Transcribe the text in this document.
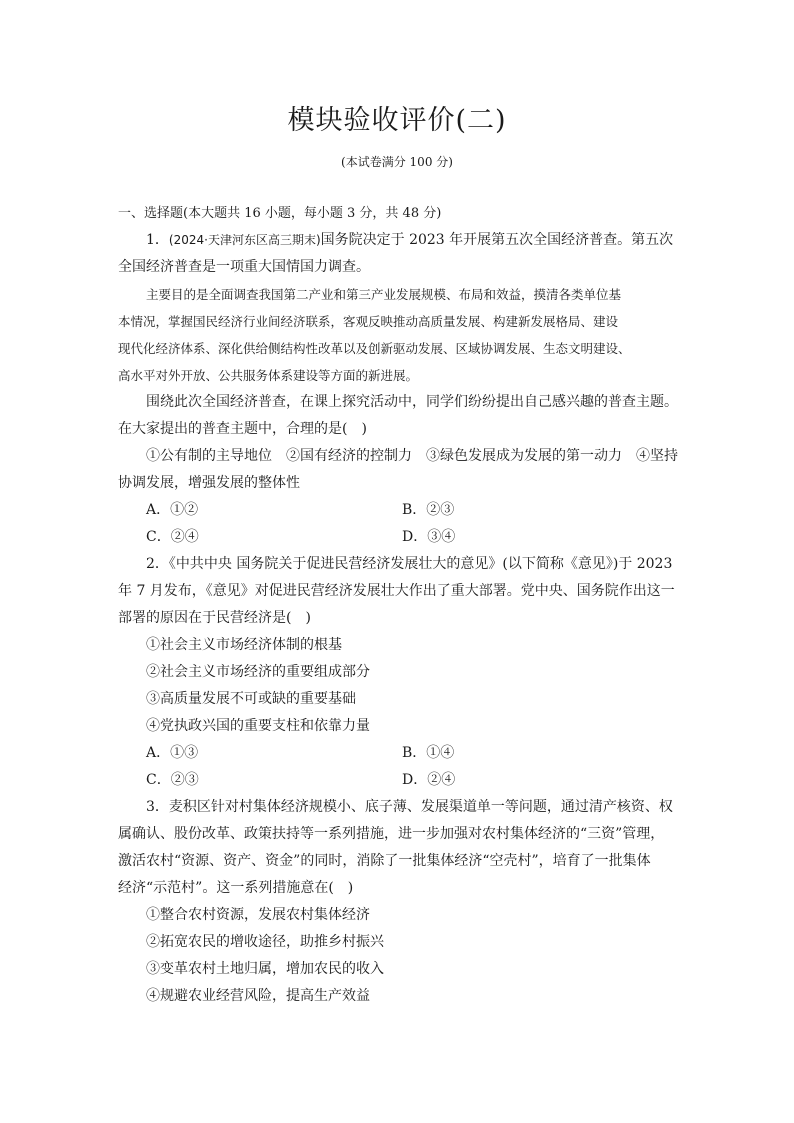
模块验收评价(二)
(本试卷满分 100 分)
一、选择题(本大题共 16 小题，每小题 3 分，共 48 分)
1．(2024·天津河东区高三期末)国务院决定于 2023 年开展第五次全国经济普查。第五次
全国经济普查是一项重大国情国力调查。
主要目的是全面调查我国第二产业和第三产业发展规模、布局和效益，摸清各类单位基
本情况，掌握国民经济行业间经济联系，客观反映推动高质量发展、构建新发展格局、建设
现代化经济体系、深化供给侧结构性改革以及创新驱动发展、区域协调发展、生态文明建设、
高水平对外开放、公共服务体系建设等方面的新进展。
围绕此次全国经济普查，在课上探究活动中，同学们纷纷提出自己感兴趣的普查主题。
在大家提出的普查主题中，合理的是(　)
①公有制的主导地位　②国有经济的控制力　③绿色发展成为发展的第一动力　④坚持
协调发展，增强发展的整体性
A．①②	B．②③
C．②④	D．③④
2．《中共中央 国务院关于促进民营经济发展壮大的意见》(以下简称《意见》)于 2023
年 7 月发布，《意见》对促进民营经济发展壮大作出了重大部署。党中央、国务院作出这一
部署的原因在于民营经济是(　)
①社会主义市场经济体制的根基
②社会主义市场经济的重要组成部分
③高质量发展不可或缺的重要基础
④党执政兴国的重要支柱和依靠力量
A．①③	B．①④
C．②③	D．②④
3．麦积区针对村集体经济规模小、底子薄、发展渠道单一等问题，通过清产核资、权
属确认、股份改革、政策扶持等一系列措施，进一步加强对农村集体经济的“三资”管理，
激活农村“资源、资产、资金”的同时，消除了一批集体经济“空壳村”，培育了一批集体
经济“示范村”。这一系列措施意在(　)
①整合农村资源，发展农村集体经济
②拓宽农民的增收途径，助推乡村振兴
③变革农村土地归属，增加农民的收入
④规避农业经营风险，提高生产效益
